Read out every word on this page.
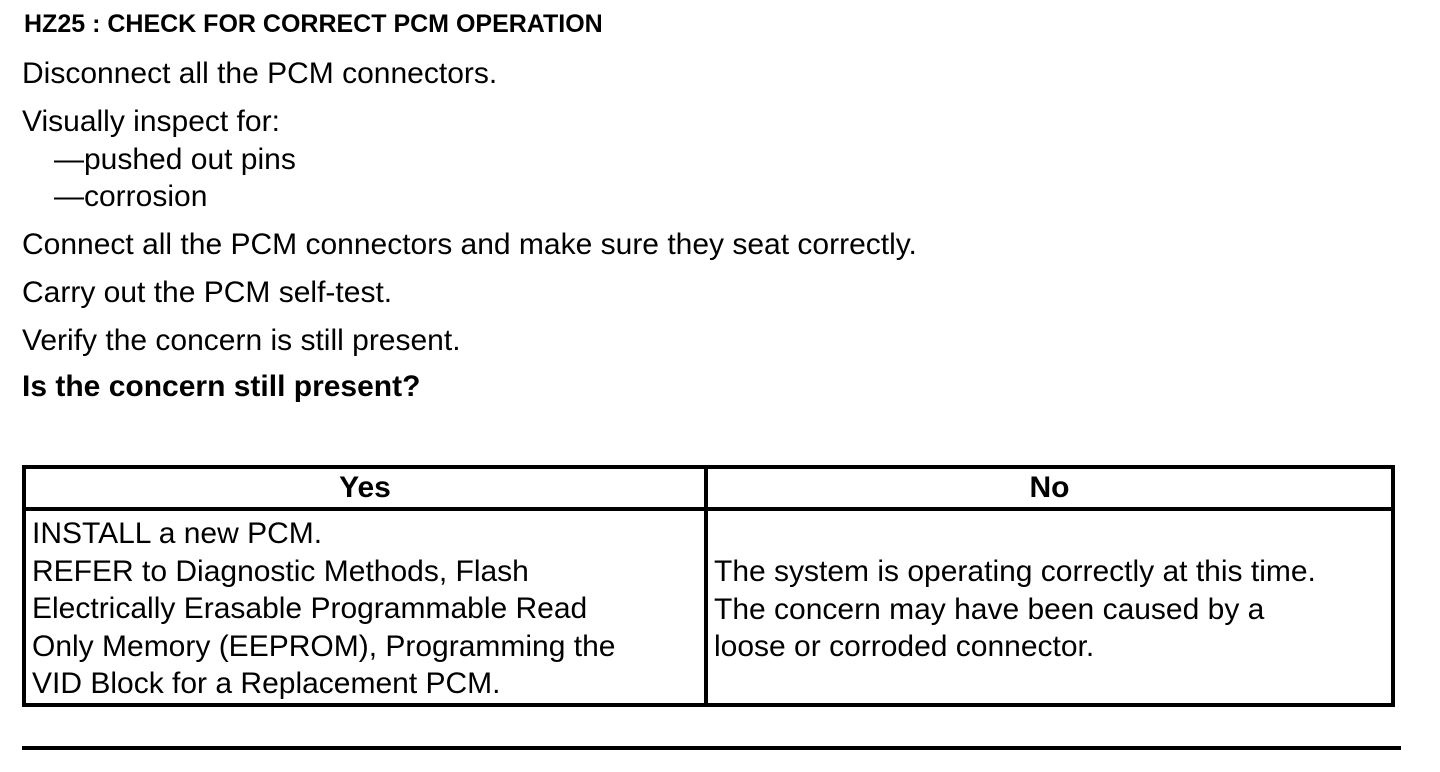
HZ25 : CHECK FOR CORRECT PCM OPERATION
Disconnect all the PCM connectors.
Visually inspect for:
—pushed out pins
—corrosion
Connect all the PCM connectors and make sure they seat correctly.
Carry out the PCM self-test.
Verify the concern is still present.
Is the concern still present?
Yes	No

INSTALL a new PCM.
REFER to Diagnostic Methods, Flash
Electrically Erasable Programmable Read
Only Memory (EEPROM), Programming the
VID Block for a Replacement PCM.	The system is operating correctly at this time.
The concern may have been caused by a
loose or corroded connector.
